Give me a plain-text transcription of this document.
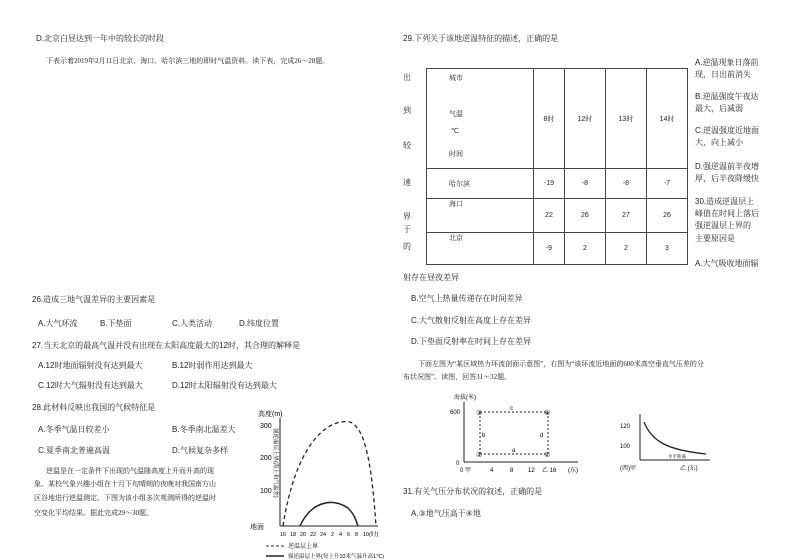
D.北京白昼达到一年中的较长的时段
下表示着2019年2月11日北京、海口、哈尔滨三地的即时气温资料。读下表，完成26～28题。
26.造成三地气温差异的主要因素是
A.大气环流	B.下垫面	C.人类活动	D.纬度位置
27.当天北京的最高气温并没有出现在太阳高度最大的12时，其合理的解释是
A.12时地面辐射没有达到最大	B.12时弱作用达到最大
C.12时大气辐射没有达到最大	D.12时太阳辐射没有达到最大
28.此材料反映出我国的气候特征是
A.冬季气温日较差小	B.冬季南北温差大
C.夏季南北普遍高温	D.气候复杂多样
逆温是在一定条件下出现的气温随高度上升而升高的现
象。某校气象兴趣小组在十月下旬晴朗的夜晚对我国南方山
区谷地进行逆温测定。下图为该小组多次观测所得的逆温时
空变化平均结果。据此完成29～30题。
高度(m)
300
200
100
地面
强逆温层上界(海上和气温差)
16 18 20 22 24 2 4 6 8 10(时)
逆温层上界
强逆温层上界(每上升10米气温升高1℃)
29.下列关于该地逆温特征的描述，正确的是
出
到
较
速
界
于
的
城市
气温
℃
时间	8时	12时	13时	14时
哈尔滨	-19	-8	-8	-7
海口	22	26	27	26
北京	-9	2	2	3
A.逆温现象日落前
现，日出前消失
B.逆温强度午夜达
最大，后减弱
C.逆温强度近地面
大，向上减小
D.强逆温前半夜增
厚，后半夜降缓快
30.造成逆温层上
峰值在时间上落后
强逆温层上界的
主要原因是
A.大气吸收地面辐
射存在昼夜差异
B.空气上热量传递存在时间差异
C.大气散射反射在高度上存在差异
D.下垫面反射率在时间上存在差异
下面左图为“某区域热力环流剖面示意图”，右图为“该环流近地面的600米高空垂直气压差的分
布状况图”。读图，回答31～32题。
海拔(米)
600
0
③	④
①	②
c
b	d
a
0 甲	4	8 12 乙 16 (东)
120
100
水平距离
(西)甲	乙 (东)
31.有关气压分布状况的叙述，正确的是
A.③地气压高于④地
